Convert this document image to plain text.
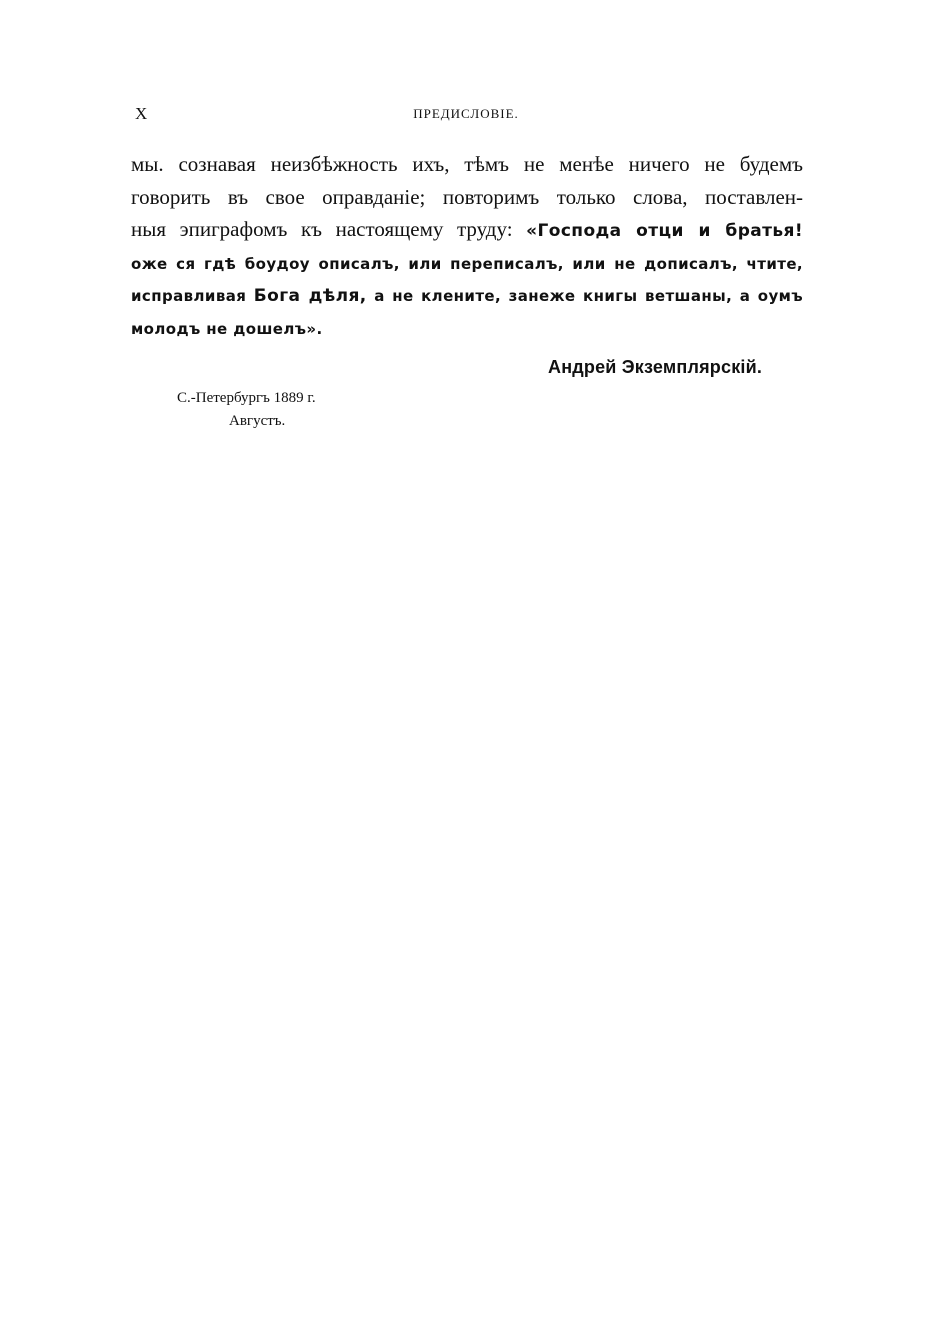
X	ПРЕДИСЛОВІЕ.
мы. сознавая неизбѣжность ихъ, тѣмъ не менѣе ничего не будемъ
говорить въ свое оправданіе; повторимъ только слова, поставлен-
ныя эпиграфомъ къ настоящему труду: «Господа отци и братья!
оже ся гдѣ боудоу описалъ, или переписалъ, или не дописалъ, чтите,
исправливая Бога дѣля, а не клените, занеже книгы ветшаны, а оумъ
молодъ не дошелъ».
Андрей Экземплярскій.
С.-Петербургъ 1889 г.
Августъ.
